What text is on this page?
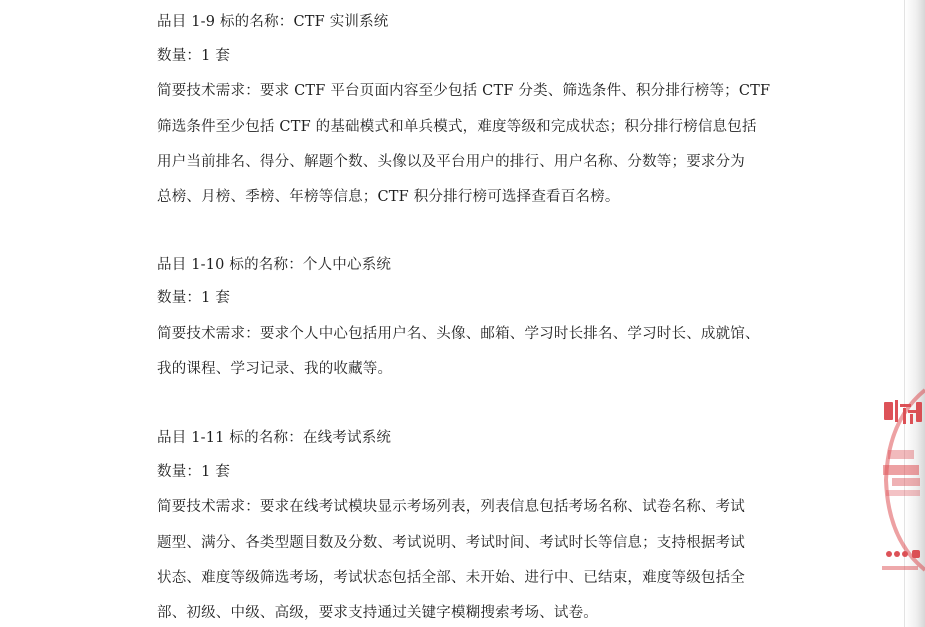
品目 1-9 标的名称：CTF 实训系统
数量：1 套
简要技术需求：要求 CTF 平台页面内容至少包括 CTF 分类、筛选条件、积分排行榜等；CTF
筛选条件至少包括 CTF 的基础模式和单兵模式，难度等级和完成状态；积分排行榜信息包括
用户当前排名、得分、解题个数、头像以及平台用户的排行、用户名称、分数等；要求分为
总榜、月榜、季榜、年榜等信息；CTF 积分排行榜可选择查看百名榜。
品目 1-10 标的名称：个人中心系统
数量：1 套
简要技术需求：要求个人中心包括用户名、头像、邮箱、学习时长排名、学习时长、成就馆、
我的课程、学习记录、我的收藏等。
品目 1-11 标的名称：在线考试系统
数量：1 套
简要技术需求：要求在线考试模块显示考场列表，列表信息包括考场名称、试卷名称、考试
题型、满分、各类型题目数及分数、考试说明、考试时间、考试时长等信息；支持根据考试
状态、难度等级筛选考场，考试状态包括全部、未开始、进行中、已结束，难度等级包括全
部、初级、中级、高级，要求支持通过关键字模糊搜索考场、试卷。
